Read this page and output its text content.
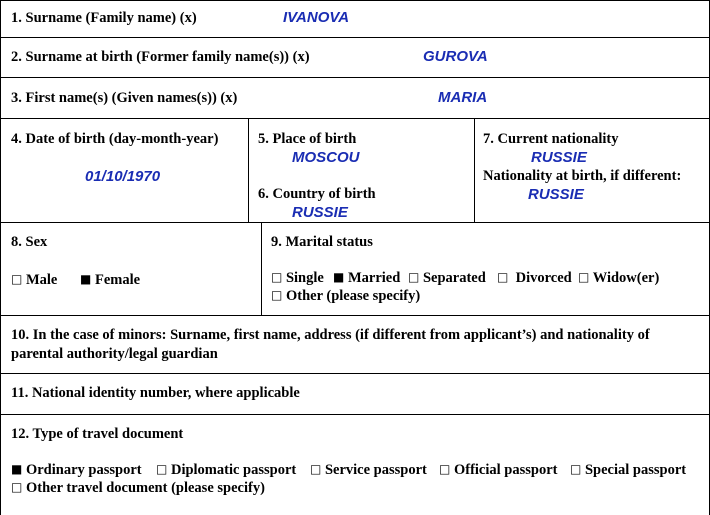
1. Surname (Family name) (x)	IVANOVA
2. Surname at birth (Former family name(s)) (x)	GUROVA
3. First name(s) (Given names(s)) (x)	MARIA
4. Date of birth (day-month-year)
01/10/1970
5. Place of birth
MOSCOU
6. Country of birth
RUSSIE
7. Current nationality
RUSSIE
Nationality at birth, if different:
RUSSIE
8. Sex
□ Male ■ Female
9. Marital status
□ Single ■ Married □ Separated □ Divorced □ Widow(er)
□ Other (please specify)
10. In the case of minors: Surname, first name, address (if different from applicant’s) and nationality of parental authority/legal guardian
11. National identity number, where applicable
12. Type of travel document
■ Ordinary passport □ Diplomatic passport □ Service passport □ Official passport □ Special passport
□ Other travel document (please specify)
